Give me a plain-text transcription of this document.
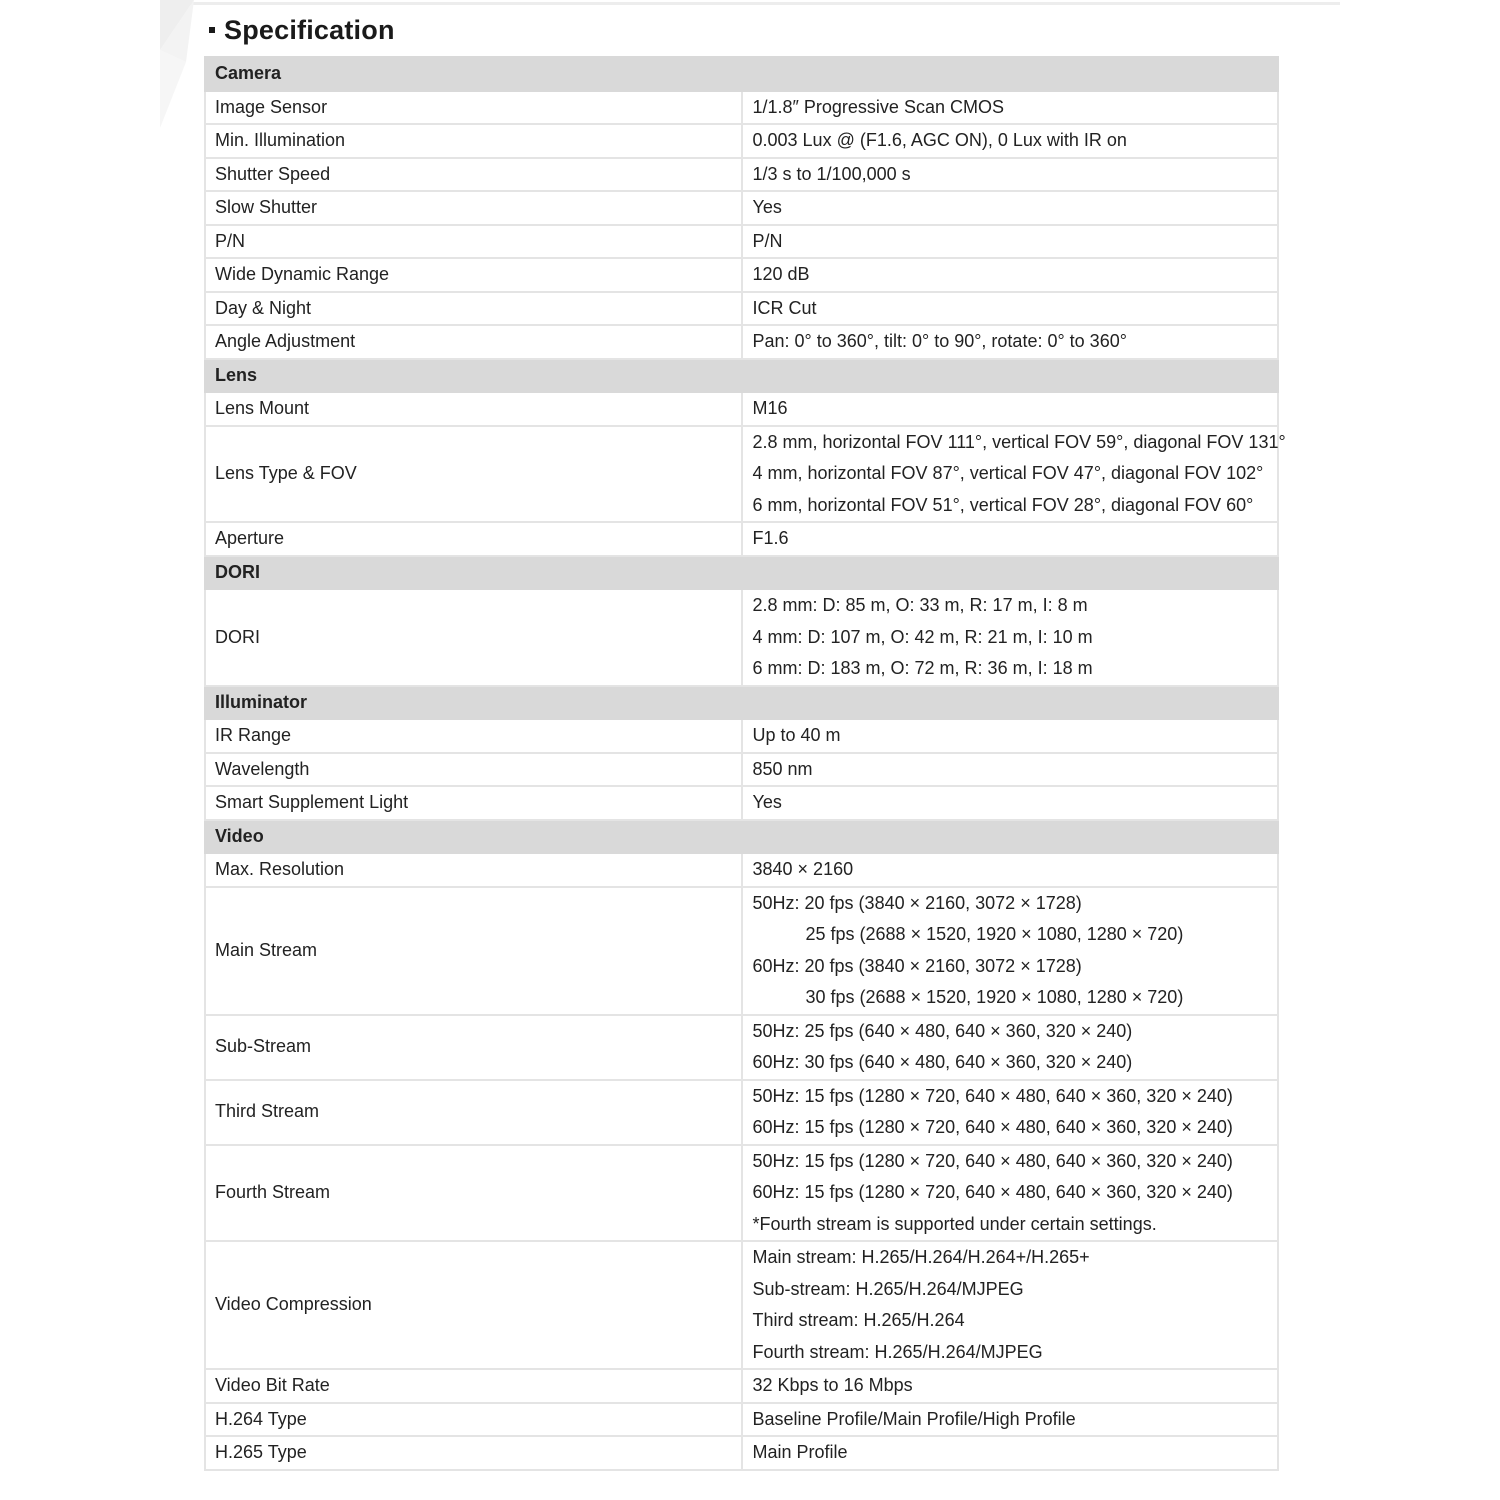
Specification
Camera	
Image Sensor	1/1.8″ Progressive Scan CMOS

Min. Illumination	0.003 Lux @ (F1.6, AGC ON), 0 Lux with IR on

Shutter Speed	1/3 s to 1/100,000 s

Slow Shutter	Yes

P/N	P/N

Wide Dynamic Range	120 dB

Day & Night	ICR Cut

Angle Adjustment	Pan: 0° to 360°, tilt: 0° to 90°, rotate: 0° to 360°

Lens	
Lens Mount	M16

Lens Type & FOV	2.8 mm, horizontal FOV 111°, vertical FOV 59°, diagonal FOV 131°
4 mm, horizontal FOV 87°, vertical FOV 47°, diagonal FOV 102°
6 mm, horizontal FOV 51°, vertical FOV 28°, diagonal FOV 60°

Aperture	F1.6

DORI	
DORI	2.8 mm: D: 85 m, O: 33 m, R: 17 m, I: 8 m
4 mm: D: 107 m, O: 42 m, R: 21 m, I: 10 m
6 mm: D: 183 m, O: 72 m, R: 36 m, I: 18 m

Illuminator	
IR Range	Up to 40 m

Wavelength	850 nm

Smart Supplement Light	Yes

Video	
Max. Resolution	3840 × 2160

Main Stream	50Hz: 20 fps (3840 × 2160, 3072 × 1728)
25 fps (2688 × 1520, 1920 × 1080, 1280 × 720)
60Hz: 20 fps (3840 × 2160, 3072 × 1728)
30 fps (2688 × 1520, 1920 × 1080, 1280 × 720)

Sub-Stream	50Hz: 25 fps (640 × 480, 640 × 360, 320 × 240)
60Hz: 30 fps (640 × 480, 640 × 360, 320 × 240)

Third Stream	50Hz: 15 fps (1280 × 720, 640 × 480, 640 × 360, 320 × 240)
60Hz: 15 fps (1280 × 720, 640 × 480, 640 × 360, 320 × 240)

Fourth Stream	50Hz: 15 fps (1280 × 720, 640 × 480, 640 × 360, 320 × 240)
60Hz: 15 fps (1280 × 720, 640 × 480, 640 × 360, 320 × 240)
*Fourth stream is supported under certain settings.

Video Compression	Main stream: H.265/H.264/H.264+/H.265+
Sub-stream: H.265/H.264/MJPEG
Third stream: H.265/H.264
Fourth stream: H.265/H.264/MJPEG

Video Bit Rate	32 Kbps to 16 Mbps

H.264 Type	Baseline Profile/Main Profile/High Profile

H.265 Type	Main Profile
